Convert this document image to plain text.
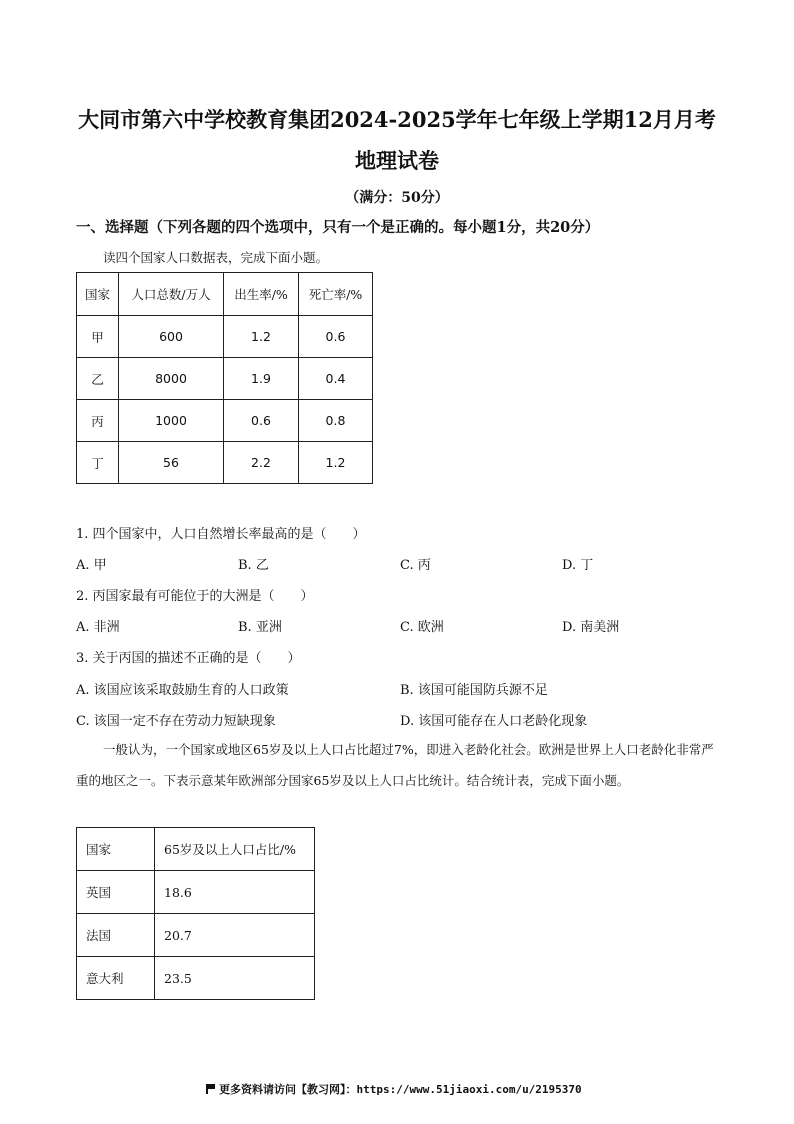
大同市第六中学校教育集团2024-2025学年七年级上学期12月月考
地理试卷
（满分：50分）
一、选择题（下列各题的四个选项中，只有一个是正确的。每小题1分，共20分）
读四个国家人口数据表，完成下面小题。
国家	人口总数/万人	出生率/%	死亡率/%
甲	600	1.2	0.6
乙	8000	1.9	0.4
丙	1000	0.6	0.8
丁	56	2.2	1.2
1. 四个国家中，人口自然增长率最高的是（　　）
A. 甲	B. 乙	C. 丙	D. 丁
2. 丙国家最有可能位于的大洲是（　　）
A. 非洲	B. 亚洲	C. 欧洲	D. 南美洲
3. 关于丙国的描述不正确的是（　　）
A. 该国应该采取鼓励生育的人口政策	B. 该国可能国防兵源不足
C. 该国一定不存在劳动力短缺现象	D. 该国可能存在人口老龄化现象
一般认为，一个国家或地区65岁及以上人口占比超过7%，即进入老龄化社会。欧洲是世界上人口老龄化非常严重的地区之一。下表示意某年欧洲部分国家65岁及以上人口占比统计。结合统计表，完成下面小题。
国家	65岁及以上人口占比/%
英国	18.6
法国	20.7
意大利	23.5
更多资料请访问【教习网】：https://www.51jiaoxi.com/u/2195370
